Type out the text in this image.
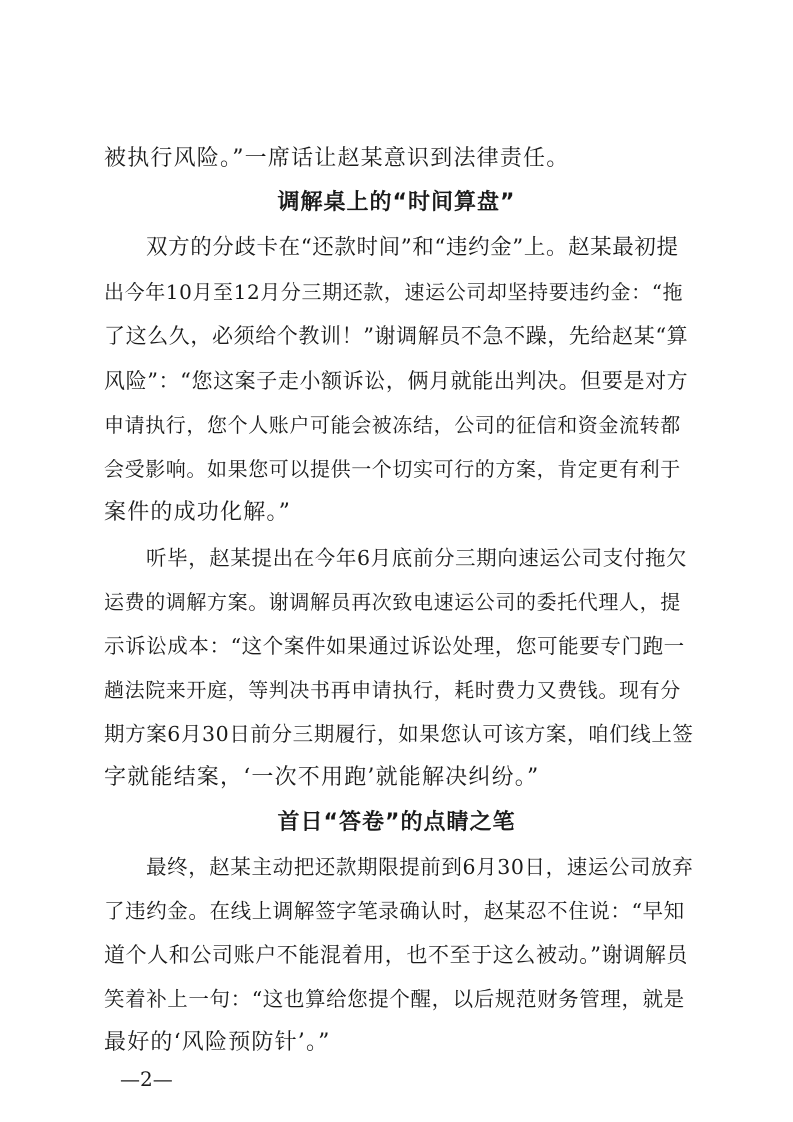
被执行风险。”一席话让赵某意识到法律责任。
调解桌上的“时间算盘”
双方的分歧卡在“还款时间”和“违约金”上。赵某最初提
出今年10月至12月分三期还款，速运公司却坚持要违约金：“拖
了这么久，必须给个教训！”谢调解员不急不躁，先给赵某“算
风险”：“您这案子走小额诉讼，俩月就能出判决。但要是对方
申请执行，您个人账户可能会被冻结，公司的征信和资金流转都
会受影响。如果您可以提供一个切实可行的方案，肯定更有利于
案件的成功化解。”
听毕，赵某提出在今年6月底前分三期向速运公司支付拖欠
运费的调解方案。谢调解员再次致电速运公司的委托代理人，提
示诉讼成本：“这个案件如果通过诉讼处理，您可能要专门跑一
趟法院来开庭，等判决书再申请执行，耗时费力又费钱。现有分
期方案6月30日前分三期履行，如果您认可该方案，咱们线上签
字就能结案，‘一次不用跑’就能解决纠纷。”
首日“答卷”的点睛之笔
最终，赵某主动把还款期限提前到6月30日，速运公司放弃
了违约金。在线上调解签字笔录确认时，赵某忍不住说：“早知
道个人和公司账户不能混着用，也不至于这么被动。”谢调解员
笑着补上一句：“这也算给您提个醒，以后规范财务管理，就是
最好的‘风险预防针’。”
—2—
